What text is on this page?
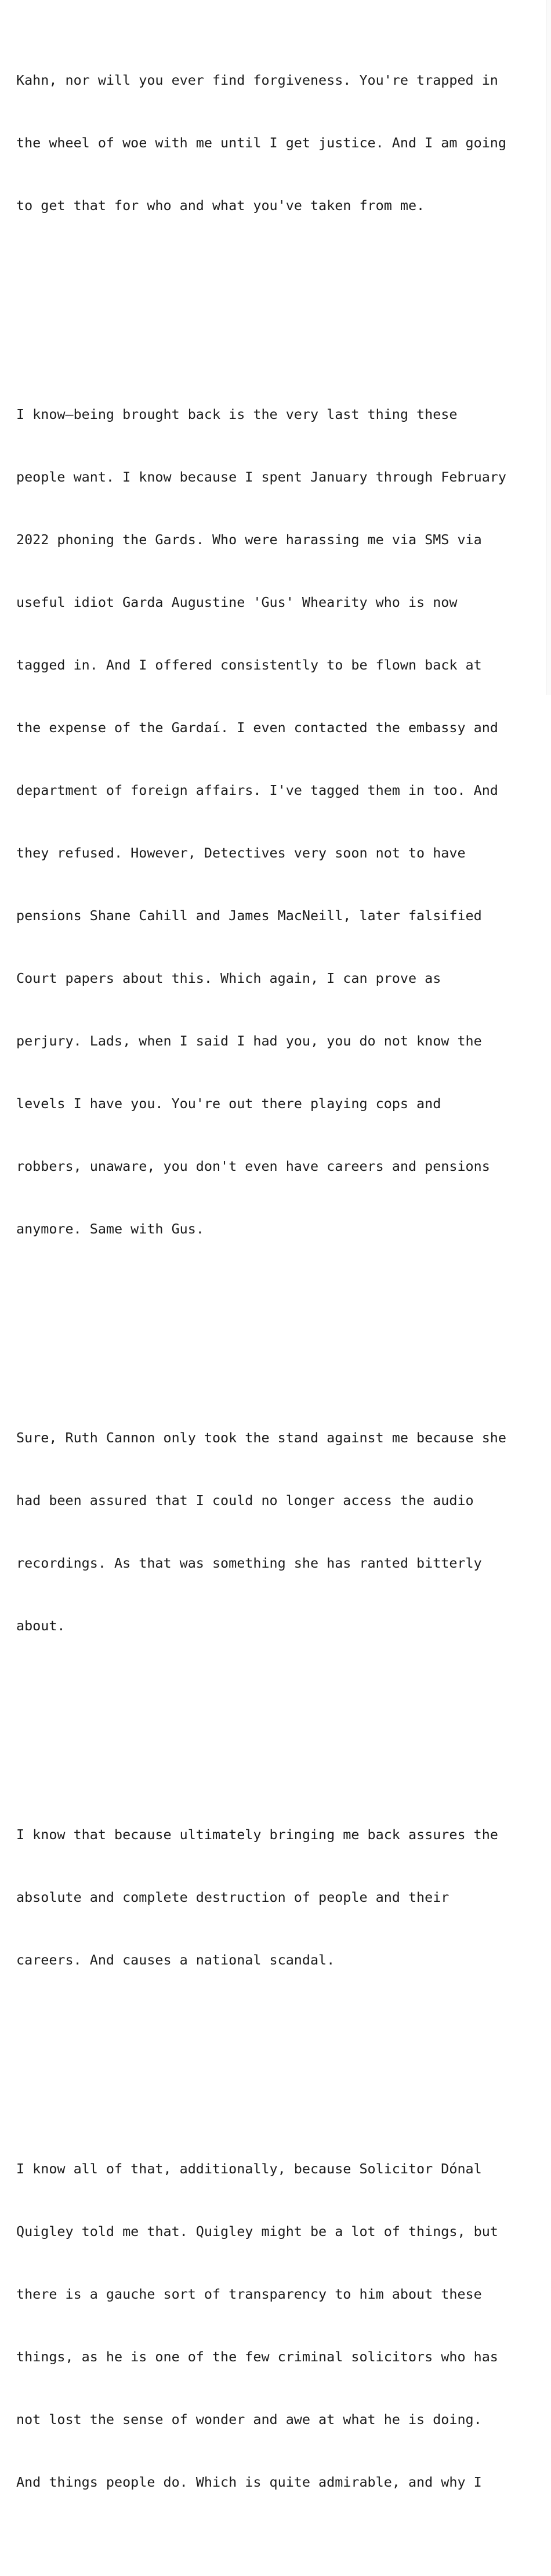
Kahn, nor will you ever find forgiveness. You're trapped in

the wheel of woe with me until I get justice. And I am going

to get that for who and what you've taken from me.

I know—being brought back is the very last thing these

people want. I know because I spent January through February

2022 phoning the Gards. Who were harassing me via SMS via

useful idiot Garda Augustine 'Gus' Whearity who is now

tagged in. And I offered consistently to be flown back at

the expense of the Gardaí. I even contacted the embassy and

department of foreign affairs. I've tagged them in too. And

they refused. However, Detectives very soon not to have

pensions Shane Cahill and James MacNeill, later falsified

Court papers about this. Which again, I can prove as

perjury. Lads, when I said I had you, you do not know the

levels I have you. You're out there playing cops and

robbers, unaware, you don't even have careers and pensions

anymore. Same with Gus.

Sure, Ruth Cannon only took the stand against me because she

had been assured that I could no longer access the audio

recordings. As that was something she has ranted bitterly

about.

I know that because ultimately bringing me back assures the

absolute and complete destruction of people and their

careers. And causes a national scandal.

I know all of that, additionally, because Solicitor Dónal

Quigley told me that. Quigley might be a lot of things, but

there is a gauche sort of transparency to him about these

things, as he is one of the few criminal solicitors who has

not lost the sense of wonder and awe at what he is doing.

And things people do. Which is quite admirable, and why I
